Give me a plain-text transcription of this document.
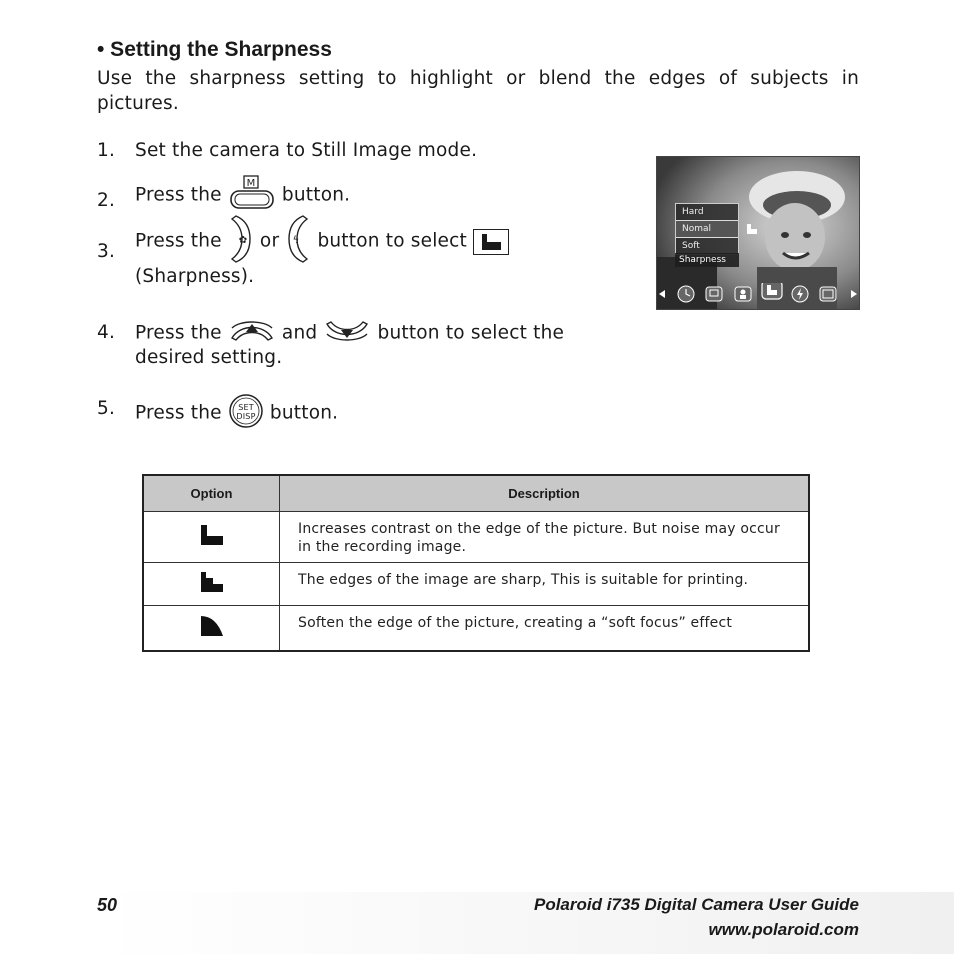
• Setting the Sharpness
Use the sharpness setting to highlight or blend the edges of subjects in pictures.
1. Set the camera to Still Image mode.
2. Press the
M
button.
3. Press the ✿ or ϟ button to select
(Sharpness).
4. Press the	and	button to select the
desired setting.
5. Press the SET
DISP button.
Hard
Nomal
Soft
Sharpness
Option	Description
	Increases contrast on the edge of the picture. But noise may occur in the recording image.
	The edges of the image are sharp, This is suitable for printing.
	Soften the edge of the picture, creating a “soft focus” effect
50	Polaroid i735 Digital Camera User Guide
www.polaroid.com
